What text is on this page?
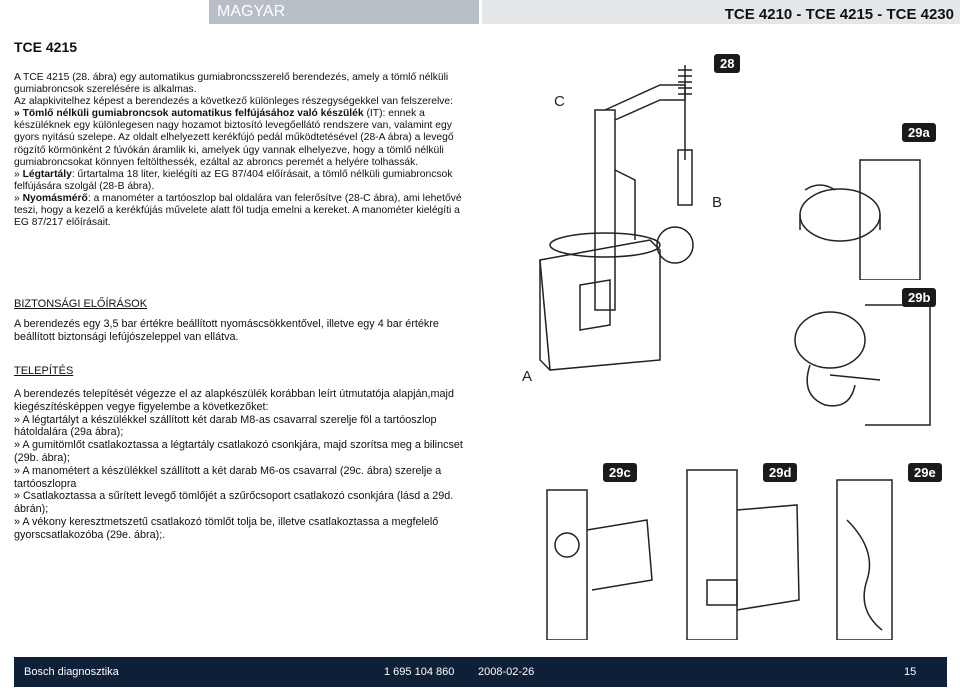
MAGYAR	TCE 4210 - TCE 4215 - TCE 4230
TCE 4215

A TCE 4215 (28. ábra) egy automatikus gumiabroncsszerelő berendezés, amely a tömlő nélküli gumiabroncsok szerelésére is alkalmas.

Az alapkivitelhez képest a berendezés a következő különleges részegységekkel van felszerelve:

» Tömlő nélküli gumiabroncsok automatikus felfújásához való készülék (IT): ennek a készüléknek egy különlegesen nagy hozamot biztosító levegőellátó rendszere van, valamint egy gyors nyitású szelepe. Az oldalt elhelyezett kerékfújó pedál működtetésével (28-A ábra) a levegő rögzítő körmönként 2 fúvókán áramlik ki, amelyek úgy vannak elhelyezve, hogy a tömlő nélküli gumiabroncsokat könnyen feltölthessék, ezáltal az abroncs peremét a helyére tolhassák.

» Légtartály: űrtartalma 18 liter, kielégíti az EG 87/404 előírásait, a tömlő nélküli gumiabroncsok felfújására szolgál (28-B ábra).

» Nyomásmérő: a manométer a tartóoszlop bal oldalára van felerősítve (28-C ábra), ami lehetővé teszi, hogy a kezelő a kerékfújás művelete alatt föl tudja emelni a kereket. A manométer kielégíti a EG 87/217 előírásait.

BIZTONSÁGI ELŐÍRÁSOK
A berendezés egy 3,5 bar értékre beállított nyomáscsökkentővel, illetve egy 4 bar értékre beállított biztonsági lefújószeleppel van ellátva.
TELEPÍTÉS

A berendezés telepítését végezze el az alapkészülék korábban leírt útmutatója alapján,majd kiegészítésképpen vegye figyelembe a következőket:

» A légtartályt a készülékkel szállított két darab M8-as csavarral szerelje föl a tartóoszlop hátoldalára (29a ábra);

» A gumitömlőt csatlakoztassa a légtartály csatlakozó csonkjára, majd szorítsa meg a bilincset (29b. ábra);

» A manométert a készülékkel szállított a két darab M6-os csavarral (29c. ábra) szerelje a tartóoszlopra

» Csatlakoztassa a sűrített levegő tömlőjét a szűrőcsoport csatlakozó csonkjára (lásd a 29d. ábrán);

» A vékony keresztmetszetű csatlakozó tömlőt tolja be, illetve csatlakoztassa a megfelelő gyorscsatlakozóba (29e. ábra);.

28
C
B
29a
29b
A
29c	29d	29e
Bosch diagnosztika	1 695 104 860 2008-02-26	15
